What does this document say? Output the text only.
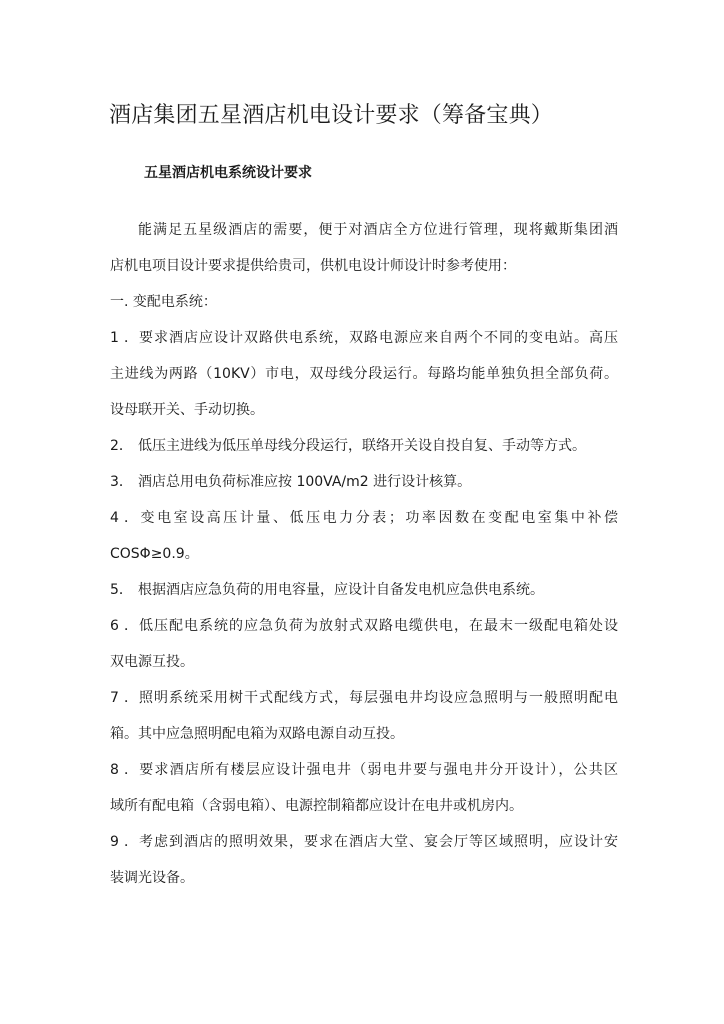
酒店集团五星酒店机电设计要求（筹备宝典）
五星酒店机电系统设计要求
能满足五星级酒店的需要，便于对酒店全方位进行管理，现将戴斯集团酒
店机电项目设计要求提供给贵司，供机电设计师设计时参考使用：
一. 变配电系统：
1．要求酒店应设计双路供电系统，双路电源应来自两个不同的变电站。高压
主进线为两路（10KV）市电，双母线分段运行。每路均能单独负担全部负荷。
设母联开关、手动切换。
2． 低压主进线为低压单母线分段运行，联络开关设自投自复、手动等方式。
3． 酒店总用电负荷标准应按 100VA/m2 进行设计核算。
4．变电室设高压计量、低压电力分表；功率因数在变配电室集中补偿
COSΦ≥0.9。
5． 根据酒店应急负荷的用电容量，应设计自备发电机应急供电系统。
6．低压配电系统的应急负荷为放射式双路电缆供电，在最末一级配电箱处设
双电源互投。
7．照明系统采用树干式配线方式，每层强电井均设应急照明与一般照明配电
箱。其中应急照明配电箱为双路电源自动互投。
8．要求酒店所有楼层应设计强电井（弱电井要与强电井分开设计），公共区
域所有配电箱（含弱电箱）、电源控制箱都应设计在电井或机房内。
9．考虑到酒店的照明效果，要求在酒店大堂、宴会厅等区域照明，应设计安
装调光设备。
